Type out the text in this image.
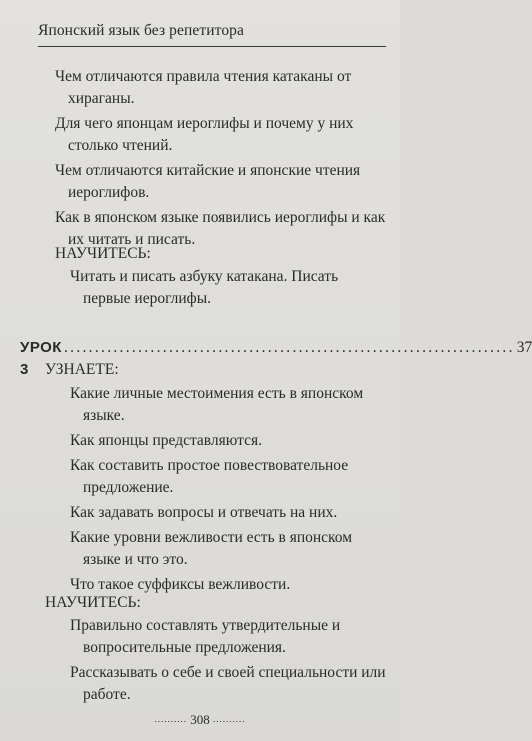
Японский язык без репетитора
Чем отличаются правила чтения катаканы от хираганы.
Для чего японцам иероглифы и почему у них столько чтений.
Чем отличаются китайские и японские чтения иероглифов.
Как в японском языке появились иероглифы и как их читать и писать.
НАУЧИТЕСЬ:
Читать и писать азбуку катакана. Писать первые иероглифы.
УРОК 3
......................................................................... 37
УЗНАЕТЕ:
Какие личные местоимения есть в японском языке.
Как японцы представляются.
Как составить простое повествовательное предложение.
Как задавать вопросы и отвечать на них.
Какие уровни вежливости есть в японском языке и что это.
Что такое суффиксы вежливости.
НАУЧИТЕСЬ:
Правильно составлять утвердительные и вопросительные предложения.
Рассказывать о себе и своей специальности или работе.
.......... 308 ..........
